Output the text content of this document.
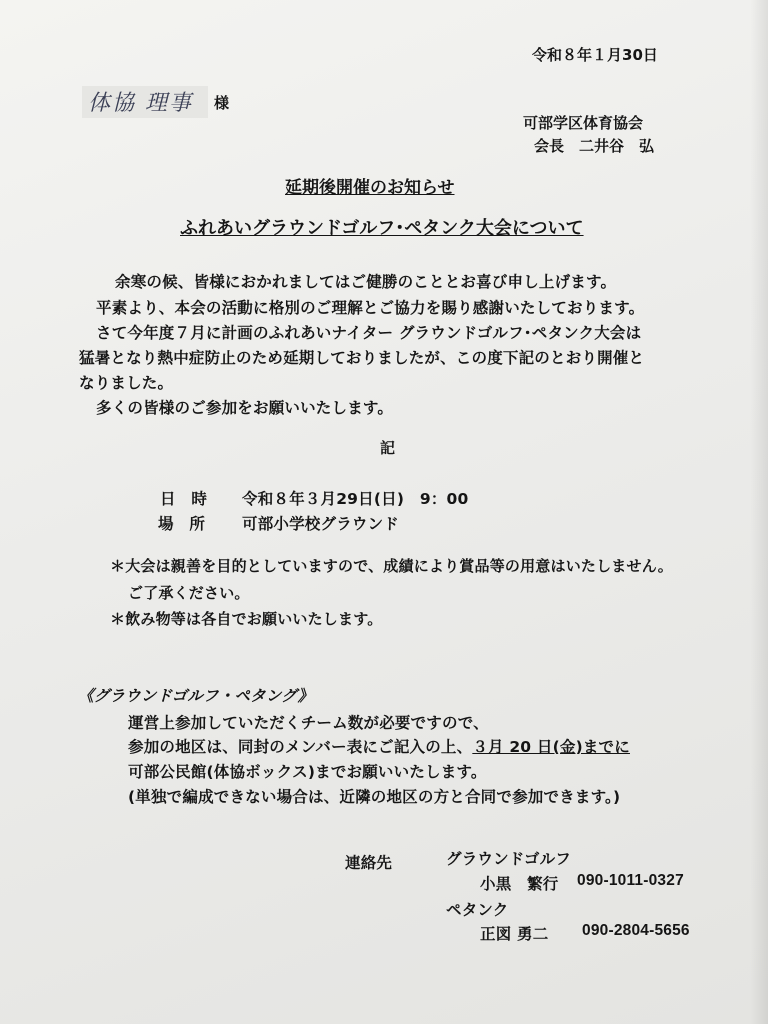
令和８年１月30日
体協 理事 様
可部学区体育協会
会長　二井谷　弘
延期後開催のお知らせ
ふれあいグラウンドゴルフ･ペタンク大会について
余寒の候、皆様におかれましてはご健勝のこととお喜び申し上げます。
平素より、本会の活動に格別のご理解とご協力を賜り感謝いたしております。
さて今年度７月に計画のふれあいナイター グラウンドゴルフ･ペタンク大会は
猛暑となり熱中症防止のため延期しておりましたが、この度下記のとおり開催と
なりました。
多くの皆様のご参加をお願いいたします。
記
日　時 令和８年３月29日(日)　9：00
場　所 可部小学校グラウンド
＊大会は親善を目的としていますので、成績により賞品等の用意はいたしません。
ご了承ください。
＊飲み物等は各自でお願いいたします。
《グラウンドゴルフ・ペタング》
運営上参加していただくチーム数が必要ですので、
参加の地区は、同封のメンバー表にご記入の上、３月 20 日(金)までに
可部公民館(体協ボックス)までお願いいたします。
(単独で編成できない場合は、近隣の地区の方と合同で参加できます。)
連絡先	グラウンドゴルフ
小黒　繁行 090-1011-0327
ペタンク
正図 勇二 090-2804-5656
